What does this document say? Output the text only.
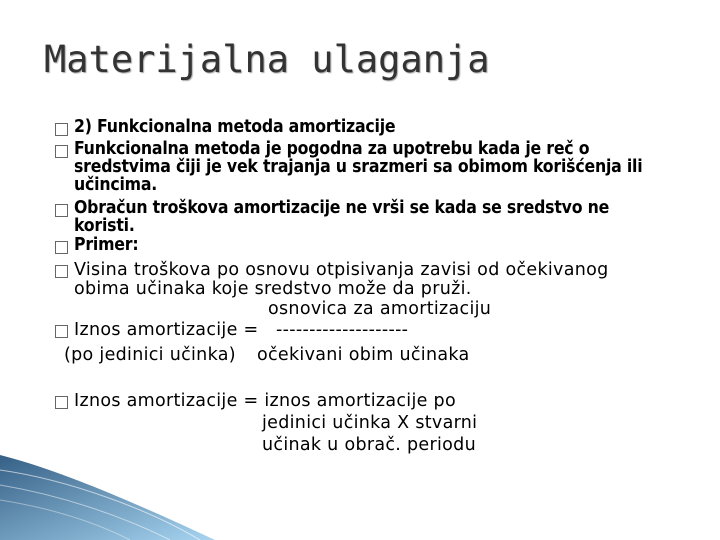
Materijalna ulaganja
2) Funkcionalna metoda amortizacije
Funkcionalna metoda je pogodna za upotrebu kada je reč o
sredstvima čiji je vek trajanja u srazmeri sa obimom korišćenja ili
učincima.
Obračun troškova amortizacije ne vrši se kada se sredstvo ne
koristi.
Primer:
Visina troškova po osnovu otpisivanja zavisi od očekivanog
obima učinaka koje sredstvo može da pruži.
osnovica za amortizaciju
Iznos amortizacije = --------------------
(po jedinici učinka) očekivani obim učinaka
Iznos amortizacije = iznos amortizacije po
jedinici učinka X stvarni
učinak u obrač. periodu
